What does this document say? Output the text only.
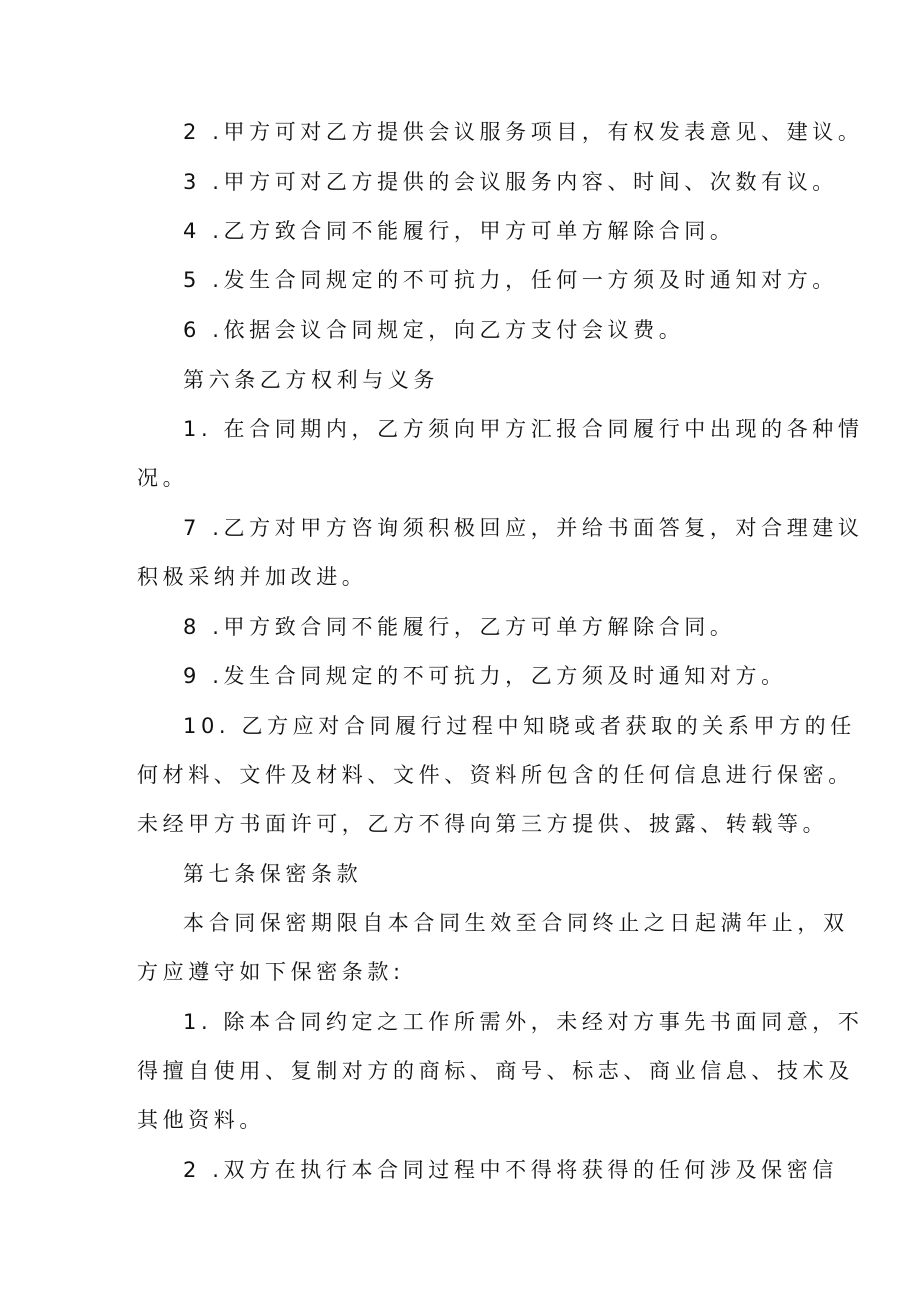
2 .甲方可对乙方提供会议服务项目，有权发表意见、建议。
3 .甲方可对乙方提供的会议服务内容、时间、次数有议。
4 .乙方致合同不能履行，甲方可单方解除合同。
5 .发生合同规定的不可抗力，任何一方须及时通知对方。
6 .依据会议合同规定，向乙方支付会议费。
第六条乙方权利与义务
1. 在合同期内，乙方须向甲方汇报合同履行中出现的各种情
况。
7 .乙方对甲方咨询须积极回应，并给书面答复，对合理建议
积极采纳并加改进。
8 .甲方致合同不能履行，乙方可单方解除合同。
9 .发生合同规定的不可抗力，乙方须及时通知对方。
10. 乙方应对合同履行过程中知晓或者获取的关系甲方的任
何材料、文件及材料、文件、资料所包含的任何信息进行保密。
未经甲方书面许可，乙方不得向第三方提供、披露、转载等。
第七条保密条款
本合同保密期限自本合同生效至合同终止之日起满年止，双
方应遵守如下保密条款:
1. 除本合同约定之工作所需外，未经对方事先书面同意，不
得擅自使用、复制对方的商标、商号、标志、商业信息、技术及
其他资料。
2 .双方在执行本合同过程中不得将获得的任何涉及保密信
